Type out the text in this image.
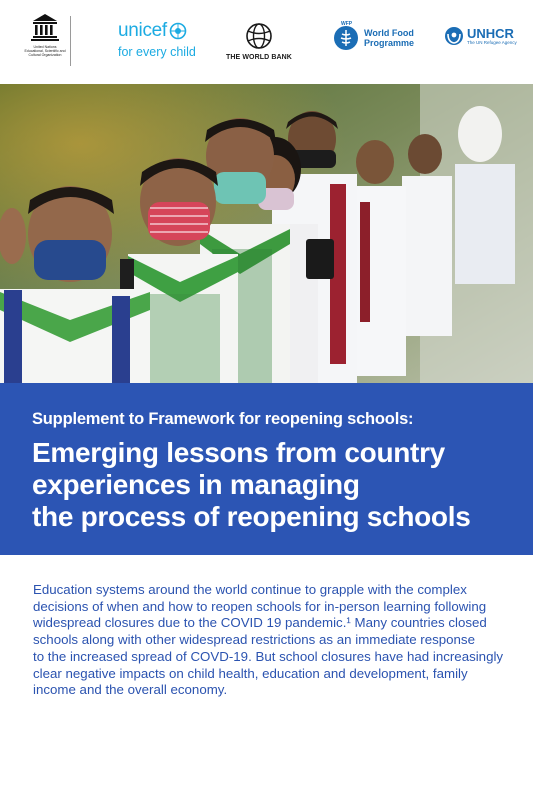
United Nations
Educational, Scientific and
Cultural Organization
unicef
for every child	THE WORLD BANK
WFP
World Food
Programme
UNHCR
The UN Refugee Agency
Supplement to Framework for reopening schools:
Emerging lessons from country
experiences in managing
the process of reopening schools
Education systems around the world continue to grapple with the complex
decisions of when and how to reopen schools for in-person learning following
widespread closures due to the COVID 19 pandemic.¹ Many countries closed
schools along with other widespread restrictions as an immediate response
to the increased spread of COVD-19. But school closures have had increasingly
clear negative impacts on child health, education and development, family
income and the overall economy.
